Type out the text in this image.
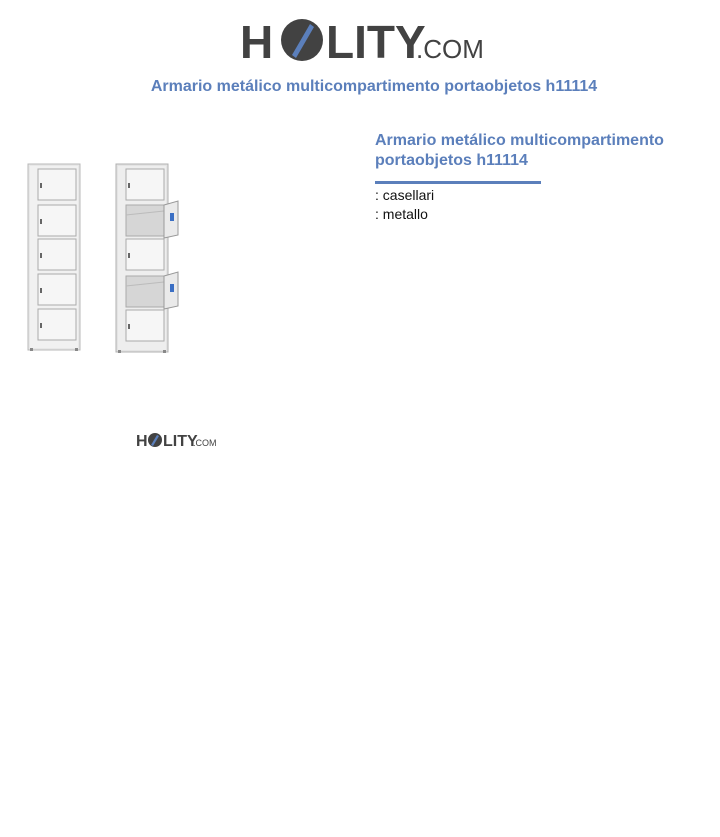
H LITY
.COM
Armario metálico multicompartimento portaobjetos h11114
H LITY
.COM
Armario metálico multicompartimento portaobjetos h11114
: casellari
: metallo
